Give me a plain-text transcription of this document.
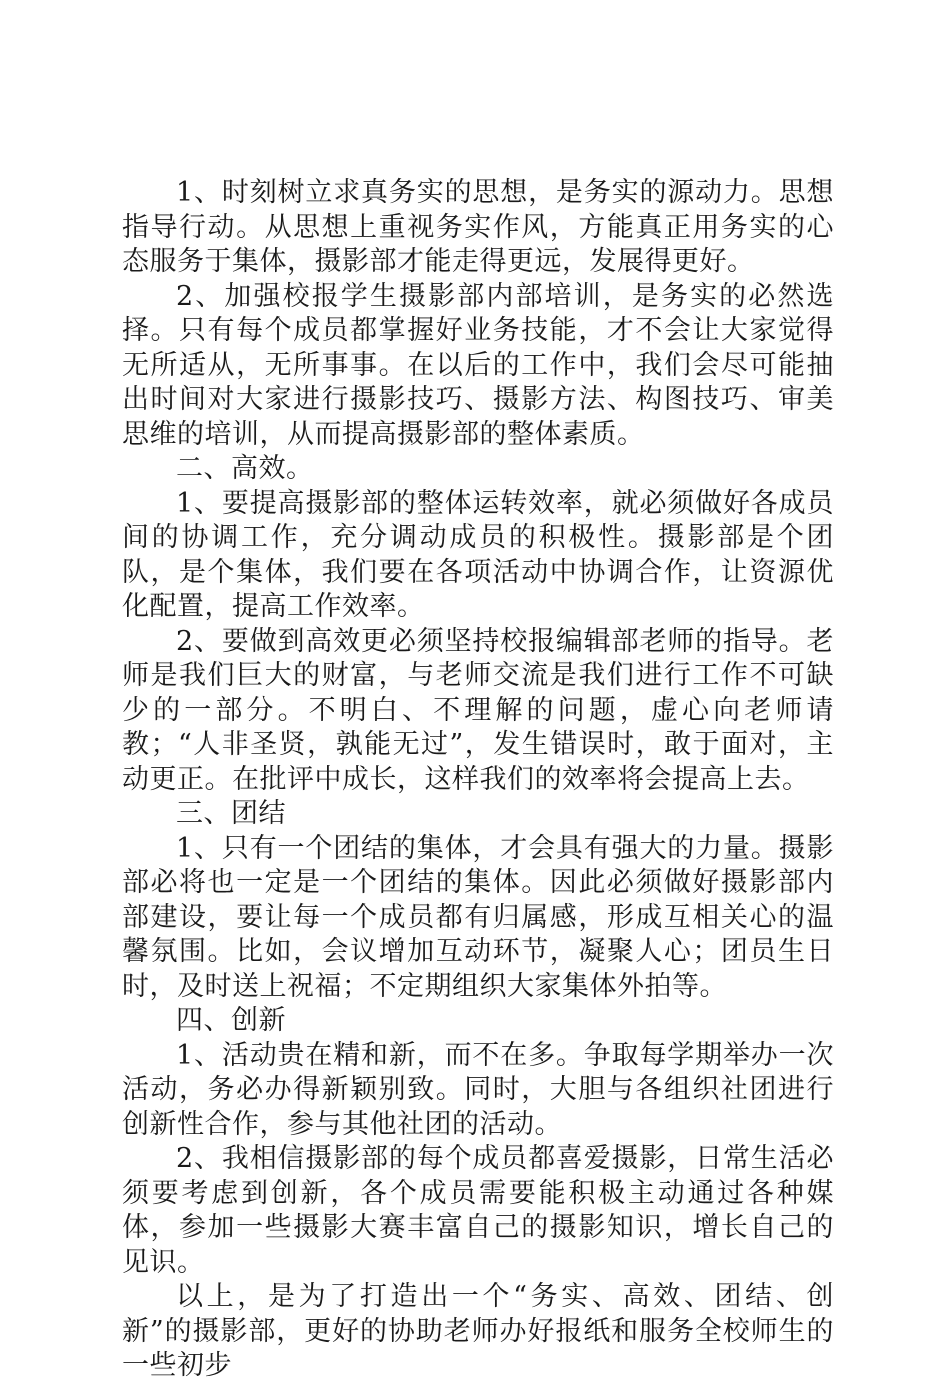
1、时刻树立求真务实的思想，是务实的源动力。思想指导行动。从思想上重视务实作风，方能真正用务实的心态服务于集体，摄影部才能走得更远，发展得更好。

2、加强校报学生摄影部内部培训，是务实的必然选择。只有每个成员都掌握好业务技能，才不会让大家觉得无所适从，无所事事。在以后的工作中，我们会尽可能抽出时间对大家进行摄影技巧、摄影方法、构图技巧、审美思维的培训，从而提高摄影部的整体素质。

二、高效。

1、要提高摄影部的整体运转效率，就必须做好各成员间的协调工作，充分调动成员的积极性。摄影部是个团队，是个集体，我们要在各项活动中协调合作，让资源优化配置，提高工作效率。

2、要做到高效更必须坚持校报编辑部老师的指导。老师是我们巨大的财富，与老师交流是我们进行工作不可缺少的一部分。不明白、不理解的问题，虚心向老师请教；“人非圣贤，孰能无过”，发生错误时，敢于面对，主动更正。在批评中成长，这样我们的效率将会提高上去。

三、团结

1、只有一个团结的集体，才会具有强大的力量。摄影部必将也一定是一个团结的集体。因此必须做好摄影部内部建设，要让每一个成员都有归属感，形成互相关心的温馨氛围。比如，会议增加互动环节，凝聚人心；团员生日时，及时送上祝福；不定期组织大家集体外拍等。

四、创新

1、活动贵在精和新，而不在多。争取每学期举办一次活动，务必办得新颖别致。同时，大胆与各组织社团进行创新性合作，参与其他社团的活动。

2、我相信摄影部的每个成员都喜爱摄影，日常生活必须要考虑到创新，各个成员需要能积极主动通过各种媒体，参加一些摄影大赛丰富自己的摄影知识，增长自己的见识。

以上，是为了打造出一个“务实、高效、团结、创新”的摄影部，更好的协助老师办好报纸和服务全校师生的一些初步
